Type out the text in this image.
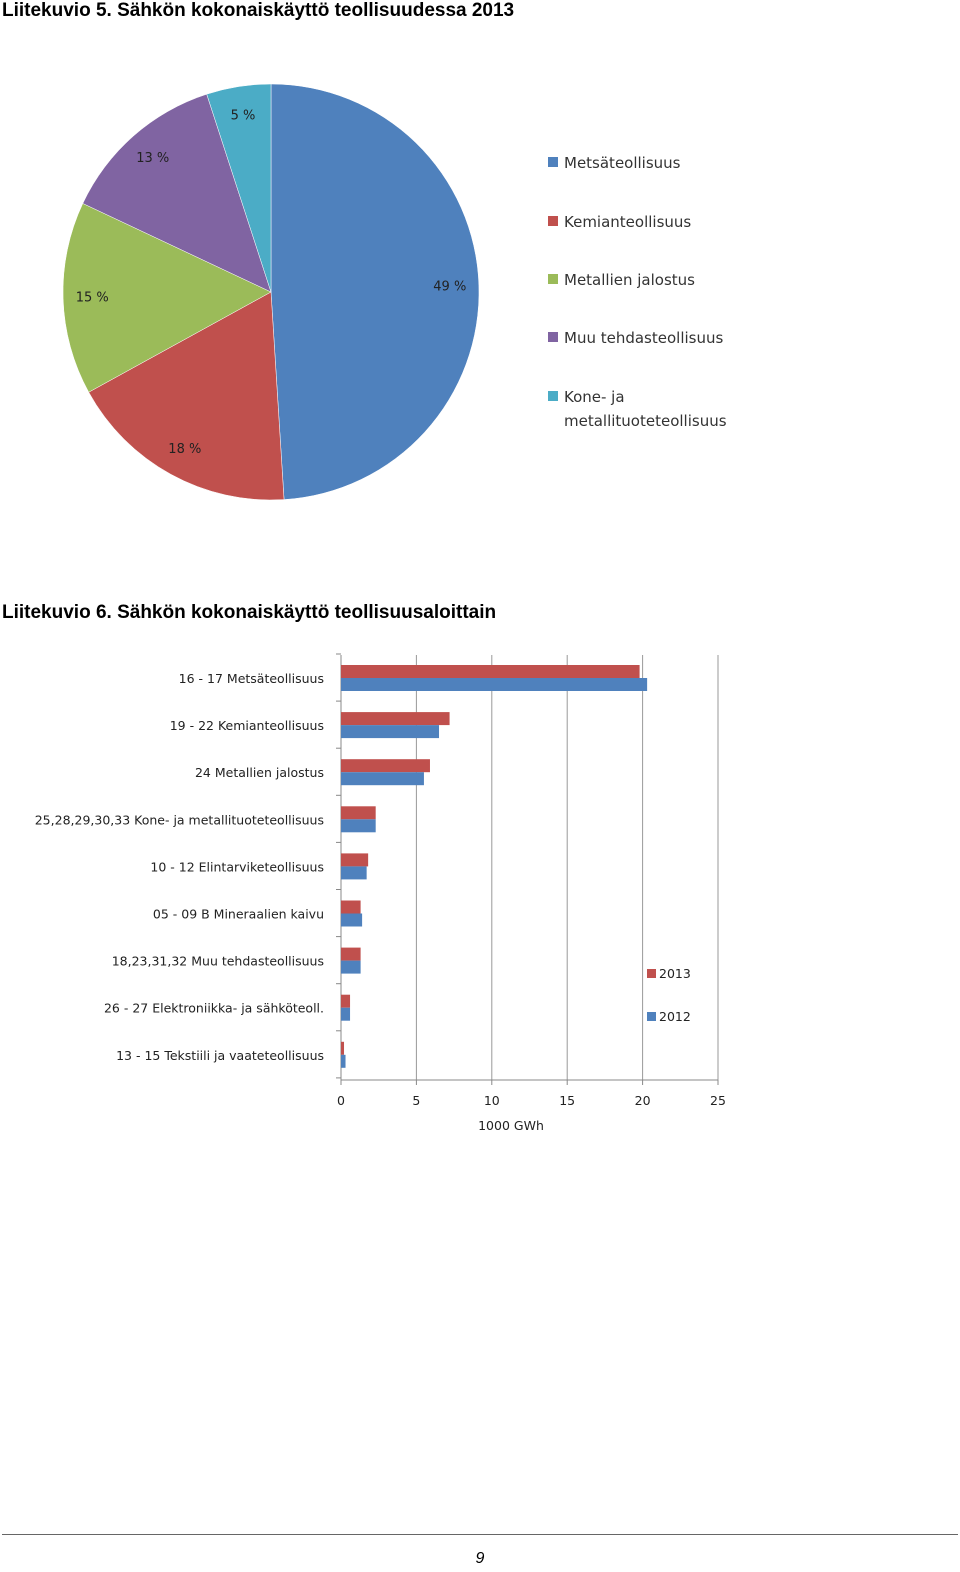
Liitekuvio 5. Sähkön kokonaiskäyttö teollisuudessa 2013
49 %
18 %
15 %
13 %
5 %
Metsäteollisuus
Kemianteollisuus
Metallien jalostus
Muu tehdasteollisuus
Kone- ja
metallituoteteollisuus
Liitekuvio 6. Sähkön kokonaiskäyttö teollisuusaloittain
0	5	10	15	20	25
16 - 17 Metsäteollisuus
19 - 22 Kemianteollisuus
24 Metallien jalostus
25,28,29,30,33 Kone- ja metallituoteteollisuus
10 - 12 Elintarviketeollisuus
05 - 09 B Mineraalien kaivu
18,23,31,32 Muu tehdasteollisuus
26 - 27 Elektroniikka- ja sähköteoll.
13 - 15 Tekstiili ja vaateteollisuus
1000 GWh
2013
2012
9
